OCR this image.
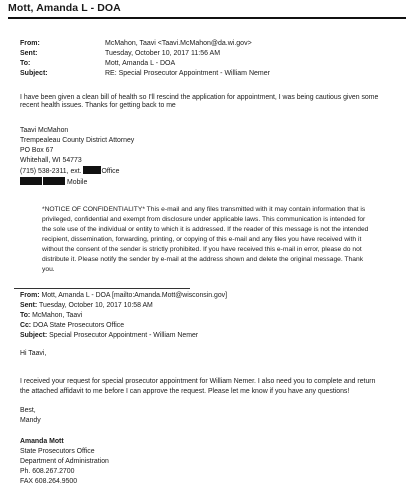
Mott, Amanda L - DOA
From:	McMahon, Taavi <Taavi.McMahon@da.wi.gov>
Sent:	Tuesday, October 10, 2017 11:56 AM
To:	Mott, Amanda L - DOA
Subject:	RE: Special Prosecutor Appointment - William Nemer
I have been given a clean bill of health so I'll rescind the application for appointment, I was being cautious given some
recent health issues. Thanks for getting back to me
Taavi McMahon
Trempealeau County District Attorney
PO Box 67
Whitehall, WI 54773
(715) 538-2311, ext.	Office
Mobile
*NOTICE OF CONFIDENTIALITY* This e-mail and any files transmitted with it may contain information that is
privileged, confidential and exempt from disclosure under applicable laws. This communication is intended for
the sole use of the individual or entity to which it is addressed. If the reader of this message is not the intended
recipient, dissemination, forwarding, printing, or copying of this e-mail and any files you have received with it
without the consent of the sender is strictly prohibited. If you have received this e-mail in error, please do not
distribute it. Please notify the sender by e-mail at the address shown and delete the original message. Thank
you.
From: Mott, Amanda L - DOA [mailto:Amanda.Mott@wisconsin.gov]
Sent: Tuesday, October 10, 2017 10:58 AM
To: McMahon, Taavi
Cc: DOA State Prosecutors Office
Subject: Special Prosecutor Appointment - William Nemer
Hi Taavi,
I received your request for special prosecutor appointment for William Nemer. I also need you to complete and return
the attached affidavit to me before I can approve the request. Please let me know if you have any questions!
Best,
Mandy
Amanda Mott
State Prosecutors Office
Department of Administration
Ph. 608.267.2700
FAX 608.264.9500
